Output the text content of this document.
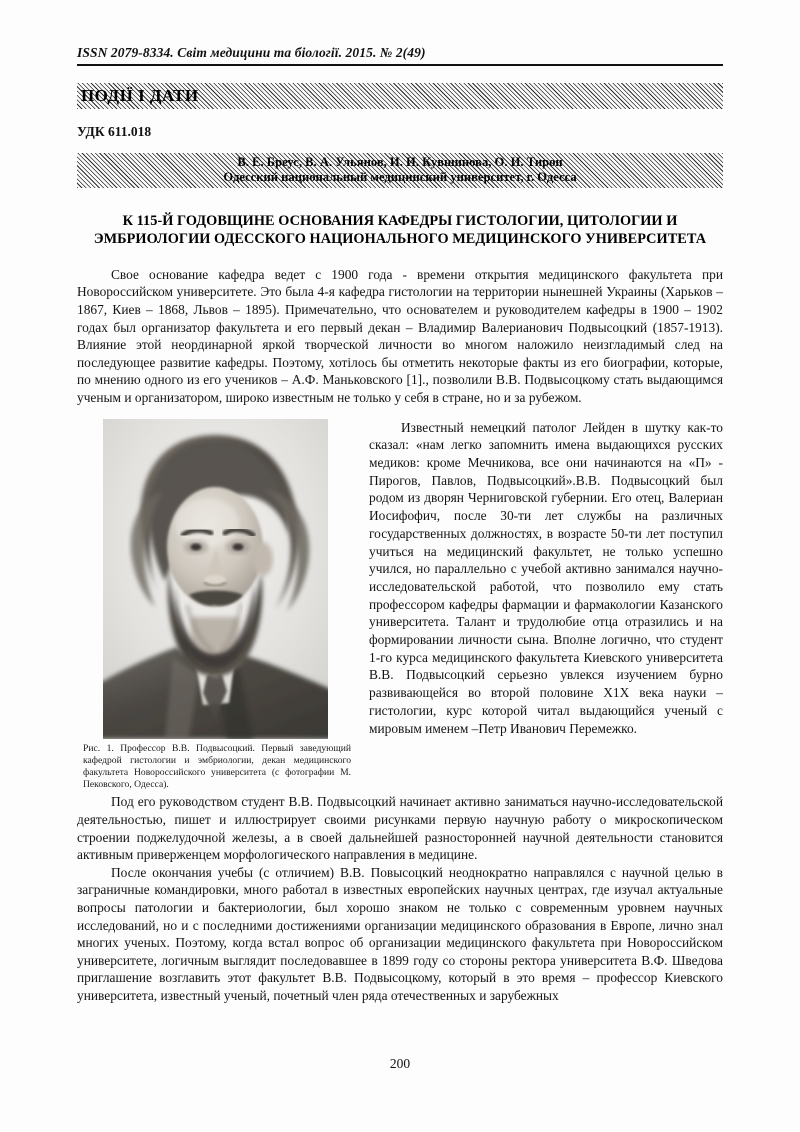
ISSN 2079-8334. Світ медицини та біології. 2015. № 2(49)
ПОДІЇ І ДАТИ
УДК 611.018
В. Е. Бреус, В. А. Ульянов, И. И. Кувшинова, О. И. Тирон
Одесский национальный медицинский университет, г. Одесса
К 115-Й ГОДОВЩИНЕ ОСНОВАНИЯ КАФЕДРЫ ГИСТОЛОГИИ, ЦИТОЛОГИИ И ЭМБРИОЛОГИИ ОДЕССКОГО НАЦИОНАЛЬНОГО МЕДИЦИНСКОГО УНИВЕРСИТЕТА

Свое основание кафедра ведет с 1900 года - времени открытия медицинского факультета при Новороссийском университете. Это была 4-я кафедра гистологии на территории нынешней Украины (Харьков – 1867, Киев – 1868, Львов – 1895). Примечательно, что основателем и руководителем кафедры в 1900 – 1902 годах был организатор факультета и его первый декан – Владимир Валерианович Подвысоцкий (1857-1913). Влияние этой неординарной яркой творческой личности во многом наложило неизгладимый след на последующее развитие кафедры. Поэтому, хотілось бы отметить некоторые факты из его биографии, которые, по мнению одного из его учеников – А.Ф. Маньковского [1]., позволили В.В. Подвысоцкому стать выдающимся ученым и организатором, широко известным не только у себя в стране, но и за рубежом.

Рис. 1. Профессор В.В. Подвысоцкий. Первый заведующий кафедрой гистологии и эмбриологии, декан медицинского факультета Новороссийского университета (с фотографии М. Пековского, Одесса).

Известный немецкий патолог Лейден в шутку как-то сказал: «нам легко запомнить имена выдающихся русских медиков: кроме Мечникова, все они начинаются на «П» - Пирогов, Павлов, Подвысоцкий».В.В. Подвысоцкий был родом из дворян Черниговской губернии. Его отец, Валериан Иосифофич, после 30-ти лет службы на различных государственных должностях, в возрасте 50-ти лет поступил учиться на медицинский факультет, не только успешно учился, но параллельно с учебой активно занимался научно-исследовательской работой, что позволило ему стать профессором кафедры фармации и фармакологии Казанского университета. Талант и трудолюбие отца отразились и на формировании личности сына. Вполне логично, что студент 1-го курса медицинского факультета Киевского университета В.В. Подвысоцкий серьезно увлекся изучением бурно развивающейся во второй половине Х1Х века науки – гистологии, курс которой читал выдающийся ученый с мировым именем –Петр Иванович Перемежко.

Под его руководством студент В.В. Подвысоцкий начинает активно заниматься научно-исследовательской деятельностью, пишет и иллюстрирует своими рисунками первую научную работу о микроскопическом строении поджелудочной железы, а в своей дальнейшей разносторонней научной деятельности становится активным приверженцем морфологического направления в медицине.

После окончания учебы (с отличием) В.В. Повысоцкий неоднократно направлялся с научной целью в заграничные командировки, много работал в известных европейских научных центрах, где изучал актуальные вопросы патологии и бактериологии, был хорошо знаком не только с современным уровнем научных исследований, но и с последними достижениями организации медицинского образования в Европе, лично знал многих ученых. Поэтому, когда встал вопрос об организации медицинского факультета при Новороссийском университете, логичным выглядит последовавшее в 1899 году со стороны ректора университета В.Ф. Шведова приглашение возглавить этот факультет В.В. Подвысоцкому, который в это время – профессор Киевского университета, известный ученый, почетный член ряда отечественных и зарубежных

200
